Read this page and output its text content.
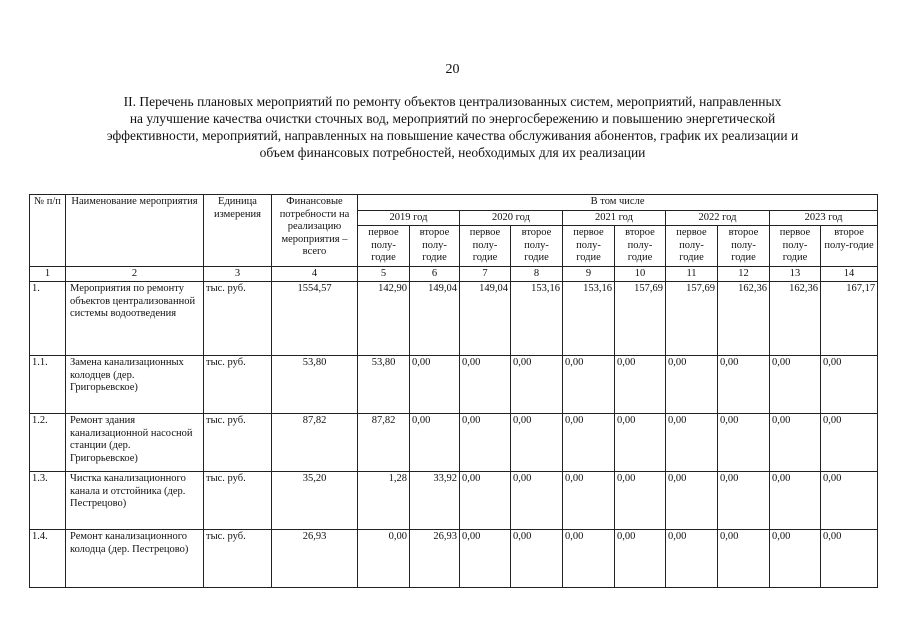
20
II. Перечень плановых мероприятий по ремонту объектов централизованных систем, мероприятий, направленных
на улучшение качества очистки сточных вод, мероприятий по энергосбережению и повышению энергетической
эффективности, мероприятий, направленных на повышение качества обслуживания абонентов, график их реализации и
объем финансовых потребностей, необходимых для их реализации
№ п/п	Наименование мероприятия	Единица измерения	Финансовые потребности на реализацию мероприятия – всего	В том числе									
				2019 год		2020 год		2021 год		2022 год		2023 год	
				первое полу-годие	второе полу-годие	первое полу-годие	второе полу-годие	первое полу-годие	второе полу-годие	первое полу-годие	второе полу-годие	первое полу-годие	второе полу-годие
1	2	3	4	5	6	7	8	9	10	11	12	13	14
1.	Мероприятия по ремонту объектов централизованной системы водоотведения	тыс. руб.	1554,57	142,90	149,04	149,04	153,16	153,16	157,69	157,69	162,36	162,36	167,17
1.1.	Замена канализационных колодцев (дер. Григорьевское)	тыс. руб.	53,80	53,80	0,00	0,00	0,00	0,00	0,00	0,00	0,00	0,00	0,00
1.2.	Ремонт здания канализационной насосной станции (дер. Григорьевское)	тыс. руб.	87,82	87,82	0,00	0,00	0,00	0,00	0,00	0,00	0,00	0,00	0,00
1.3.	Чистка канализационного канала и отстойника (дер. Пестрецово)	тыс. руб.	35,20	1,28	33,92	0,00	0,00	0,00	0,00	0,00	0,00	0,00	0,00
1.4.	Ремонт канализационного колодца (дер. Пестрецово)	тыс. руб.	26,93	0,00	26,93	0,00	0,00	0,00	0,00	0,00	0,00	0,00	0,00
